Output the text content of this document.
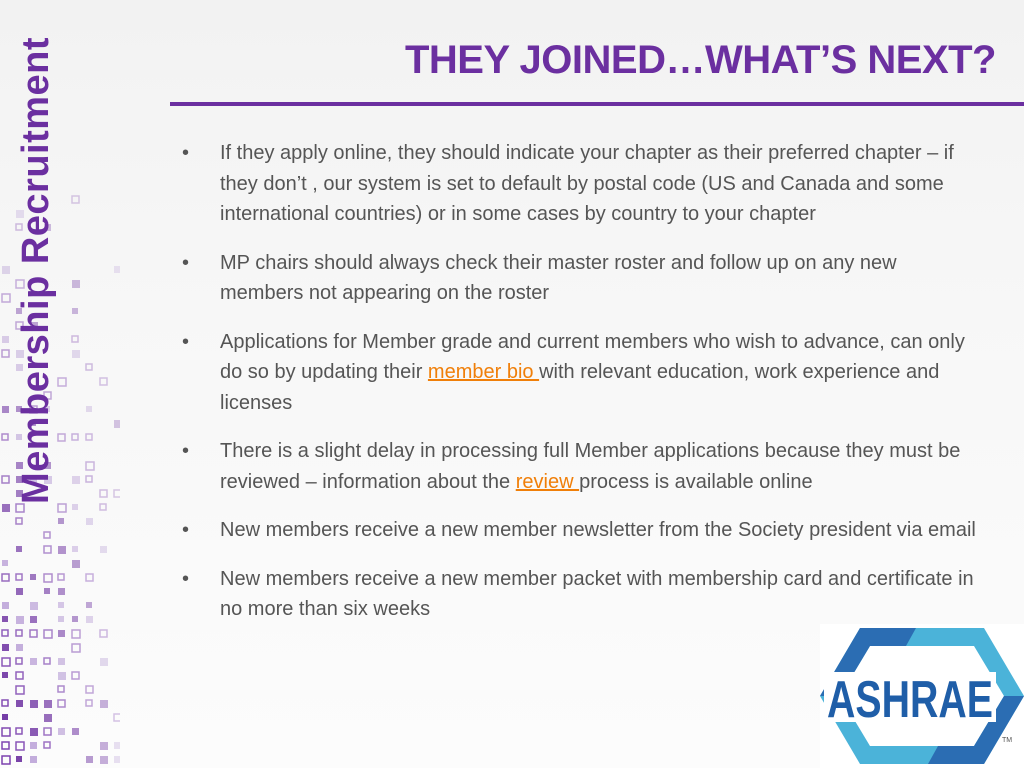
Membership Recruitment	THEY JOINED…WHAT’S NEXT?
• If they apply online, they should indicate your chapter as their preferred chapter – if they don’t , our system is set to default by postal code (US and Canada and some international countries) or in some cases by country to your chapter
• MP chairs should always check their master roster and follow up on any new members not appearing on the roster
• Applications for Member grade and current members who wish to advance, can only do so by updating their member bio with relevant education, work experience and licenses
• There is a slight delay in processing full Member applications because they must be reviewed – information about the review process is available online
• New members receive a new member newsletter from the Society president via email
• New members receive a new member packet with membership card and certificate in no more than six weeks
ASHRAE
TM
